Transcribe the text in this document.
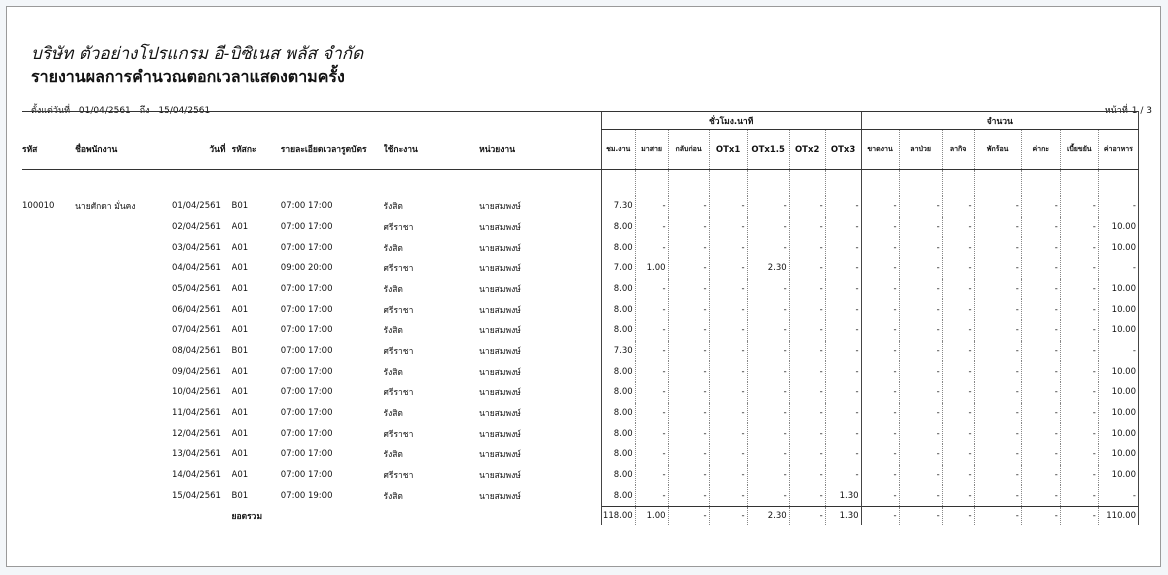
บริษัท ตัวอย่างโปรแกรม อี-บิซิเนส พลัส จำกัด
รายงานผลการคำนวณตอกเวลาแสดงตามครั้ง
ตั้งแต่วันที่ 01/04/2561 ถึง 15/04/2561	หน้าที่ 1 / 3
							ชั่วโมง.นาที							จำนวน						
รหัส	ชื่อพนักงาน	วันที่	รหัสกะ	รายละเอียดเวลารูดบัตร	ใช้กะงาน	หน่วยงาน	ชม.งาน	มาสาย	กลับก่อน	OTx1	OTx1.5	OTx2	OTx3	ขาดงาน	ลาป่วย	ลากิจ	พักร้อน	ค่ากะ	เบี้ยขยัน	ค่าอาหาร

100010	นายศักดา มั่นคง	01/04/2561	B01	07:00 17:00	รังสิต	นายสมพงษ์	7.30	-	-	-	-	-	-	-	-	-	-	-	-	-
		02/04/2561	A01	07:00 17:00	ศรีราชา	นายสมพงษ์	8.00	-	-	-	-	-	-	-	-	-	-	-	-	10.00
		03/04/2561	A01	07:00 17:00	รังสิต	นายสมพงษ์	8.00	-	-	-	-	-	-	-	-	-	-	-	-	10.00
		04/04/2561	A01	09:00 20:00	ศรีราชา	นายสมพงษ์	7.00	1.00	-	-	2.30	-	-	-	-	-	-	-	-	-
		05/04/2561	A01	07:00 17:00	รังสิต	นายสมพงษ์	8.00	-	-	-	-	-	-	-	-	-	-	-	-	10.00
		06/04/2561	A01	07:00 17:00	ศรีราชา	นายสมพงษ์	8.00	-	-	-	-	-	-	-	-	-	-	-	-	10.00
		07/04/2561	A01	07:00 17:00	รังสิต	นายสมพงษ์	8.00	-	-	-	-	-	-	-	-	-	-	-	-	10.00
		08/04/2561	B01	07:00 17:00	ศรีราชา	นายสมพงษ์	7.30	-	-	-	-	-	-	-	-	-	-	-	-	-
		09/04/2561	A01	07:00 17:00	รังสิต	นายสมพงษ์	8.00	-	-	-	-	-	-	-	-	-	-	-	-	10.00
		10/04/2561	A01	07:00 17:00	ศรีราชา	นายสมพงษ์	8.00	-	-	-	-	-	-	-	-	-	-	-	-	10.00
		11/04/2561	A01	07:00 17:00	รังสิต	นายสมพงษ์	8.00	-	-	-	-	-	-	-	-	-	-	-	-	10.00
		12/04/2561	A01	07:00 17:00	ศรีราชา	นายสมพงษ์	8.00	-	-	-	-	-	-	-	-	-	-	-	-	10.00
		13/04/2561	A01	07:00 17:00	รังสิต	นายสมพงษ์	8.00	-	-	-	-	-	-	-	-	-	-	-	-	10.00
		14/04/2561	A01	07:00 17:00	ศรีราชา	นายสมพงษ์	8.00	-	-	-	-	-	-	-	-	-	-	-	-	10.00
		15/04/2561	B01	07:00 19:00	รังสิต	นายสมพงษ์	8.00	-	-	-	-	-	1.30	-	-	-	-	-	-	-
			ยอดรวม				118.00	1.00	-	-	2.30	-	1.30	-	-	-	-	-	-	110.00
